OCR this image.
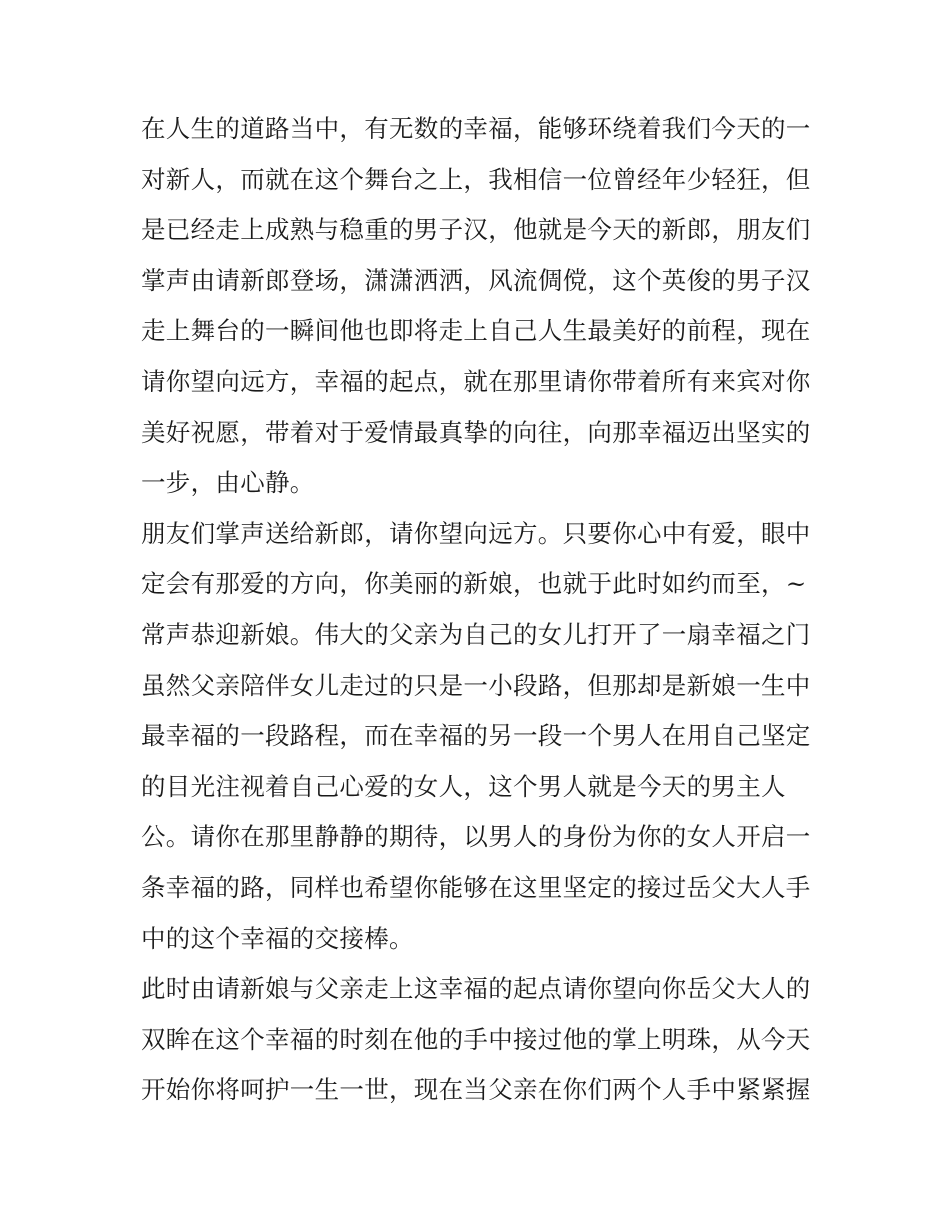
在人生的道路当中，有无数的幸福，能够环绕着我们今天的一
对新人，而就在这个舞台之上，我相信一位曾经年少轻狂，但
是已经走上成熟与稳重的男子汉，他就是今天的新郎，朋友们
掌声由请新郎登场，潇潇洒洒，风流倜傥，这个英俊的男子汉
走上舞台的一瞬间他也即将走上自己人生最美好的前程，现在
请你望向远方，幸福的起点，就在那里请你带着所有来宾对你
美好祝愿，带着对于爱情最真挚的向往，向那幸福迈出坚实的
一步，由心静。
朋友们掌声送给新郎，请你望向远方。只要你心中有爱，眼中
定会有那爱的方向，你美丽的新娘，也就于此时如约而至，~
常声恭迎新娘。伟大的父亲为自己的女儿打开了一扇幸福之门
虽然父亲陪伴女儿走过的只是一小段路，但那却是新娘一生中
最幸福的一段路程，而在幸福的另一段一个男人在用自己坚定
的目光注视着自己心爱的女人，这个男人就是今天的男主人
公。请你在那里静静的期待，以男人的身份为你的女人开启一
条幸福的路，同样也希望你能够在这里坚定的接过岳父大人手
中的这个幸福的交接棒。
此时由请新娘与父亲走上这幸福的起点请你望向你岳父大人的
双眸在这个幸福的时刻在他的手中接过他的掌上明珠，从今天
开始你将呵护一生一世，现在当父亲在你们两个人手中紧紧握
